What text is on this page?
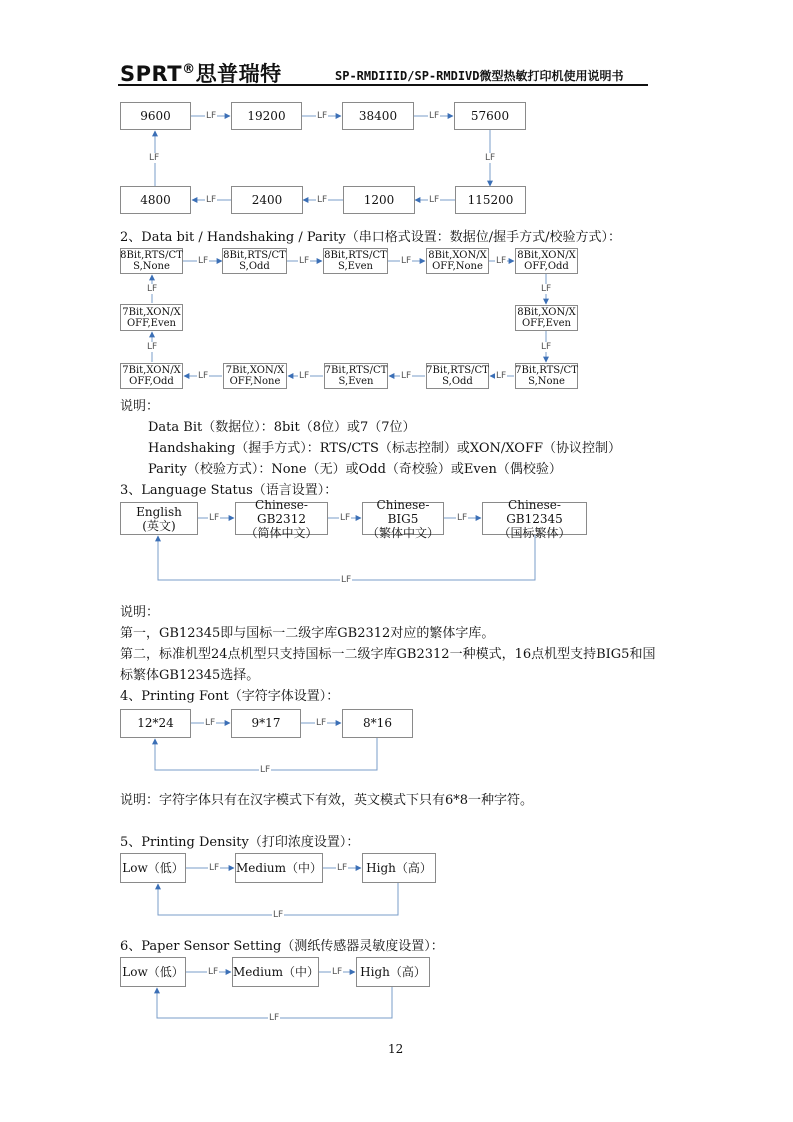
SPRT®思普瑞特	SP-RMDIIID/SP-RMDIVD微型热敏打印机使用说明书
9600	19200	38400	57600
4800	2400	1200	115200
LF	LF	LF
LF
LF
LF
LF
LF
2、Data bit / Handshaking / Parity（串口格式设置：数据位/握手方式/校验方式）：
8Bit,RTS/CT
S,None
8Bit,RTS/CT
S,Odd
8Bit,RTS/CT
S,Even
8Bit,XON/X
OFF,None
8Bit,XON/X
OFF,Odd
8Bit,XON/X
OFF,Even
7Bit,RTS/CT
S,None
7Bit,RTS/CT
S,Odd
7Bit,RTS/CT
S,Even
7Bit,XON/X
OFF,None
7Bit,XON/X
OFF,Odd
7Bit,XON/X
OFF,Even
LF	LF	LF	LF
LF
LF
LF
LF
LF
LF
LF
LF
说明：
Data Bit（数据位）：8bit（8位）或7（7位）
Handshaking（握手方式）：RTS/CTS（标志控制）或XON/XOFF（协议控制）
Parity（校验方式）：None（无）或Odd（奇校验）或Even（偶校验）
3、Language Status（语言设置）：
English
(英文)
Chinese-GB2312
（简体中文）
Chinese-BIG5
（繁体中文）
Chinese-GB12345
（国标繁体）
LF	LF	LF
LF
说明：
第一，GB12345即与国标一二级字库GB2312对应的繁体字库。
第二，标准机型24点机型只支持国标一二级字库GB2312一种模式，16点机型支持BIG5和国
标繁体GB12345选择。
4、Printing Font（字符字体设置）：
12*24	9*17	8*16
LF	LF
LF
说明：字符字体只有在汉字模式下有效，英文模式下只有6*8一种字符。
5、Printing Density（打印浓度设置）：
Low（低）	Medium（中）	High（高）
LF	LF
LF
6、Paper Sensor Setting（测纸传感器灵敏度设置）：
Low（低）	Medium（中）	High（高）
LF	LF
LF
12
